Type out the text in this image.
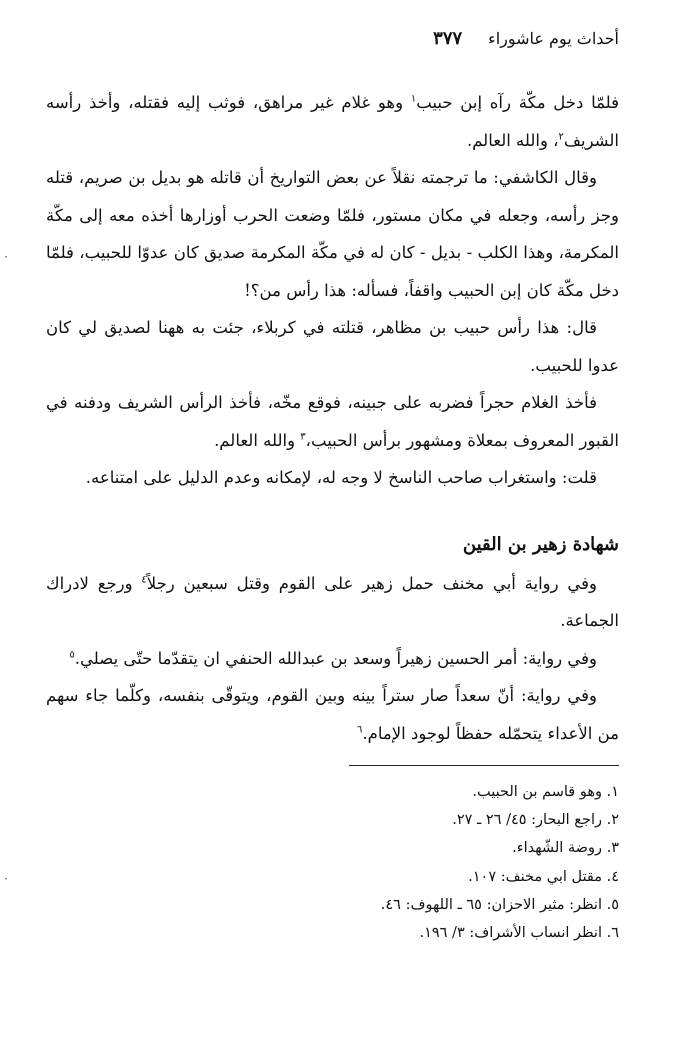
أحداث يوم عاشوراء
٣٧٧
·
·

فلمّا دخل مكّة رآه إبن حبيب$^١$ وهو غلام غير مراهق، فوثب إليه فقتله، وأخذ رأسه الشريف$^٢$، والله العالم.

وقال الكاشفي: ما ترجمته نقلاً عن بعض التواريخ أن قاتله هو بديل بن صريم، قتله وجز رأسه، وجعله في مكان مستور، فلمّا وضعت الحرب أوزارها أخذه معه إلى مكّة المكرمة، وهذا الكلب - بديل - كان له في مكّة المكرمة صديق كان عدوّا للحبيب، فلمّا دخل مكّة كان إبن الحبيب واقفاً، فسأله: هذا رأس من؟!

قال: هذا رأس حبيب بن مظاهر، قتلته في كربلاء، جئت به ههنا لصديق لي كان عدوا للحبيب.

فأخذ الغلام حجراً فضربه على جبينه، فوقع مخّه، فأخذ الرأس الشريف ودفنه في القبور المعروف بمعلاة ومشهور برأس الحبيب،$^٣$ والله العالم.

قلت: واستغراب صاحب الناسخ لا وجه له، لإمكانه وعدم الدليل على امتناعه.

شهادة زهير بن القين

وفي رواية أبي مخنف حمل زهير على القوم وقتل سبعين رجلاً$^٤$ ورجع لادراك الجماعة.

وفي رواية: أمر الحسين زهيراً وسعد بن عبدالله الحنفي ان يتقدّما حتّى يصلي.$^٥$

وفي رواية: أنّ سعداً صار ستراً بينه وبين القوم، ويتوقّى بنفسه، وكلّما جاء سهم من الأعداء يتحمّله حفظاً لوجود الإمام.$^٦$

١. وهو قاسم بن الحبيب.
٢. راجع البحار: ٤٥/ ٢٦ ـ ٢٧.
٣. روضة الشّهداء.
٤. مقتل ابي مخنف: ١٠٧.
٥. انظر: مثير الاحزان: ٦٥ ـ اللهوف: ٤٦.
٦. انظر انساب الأشراف: ٣/ ١٩٦.
